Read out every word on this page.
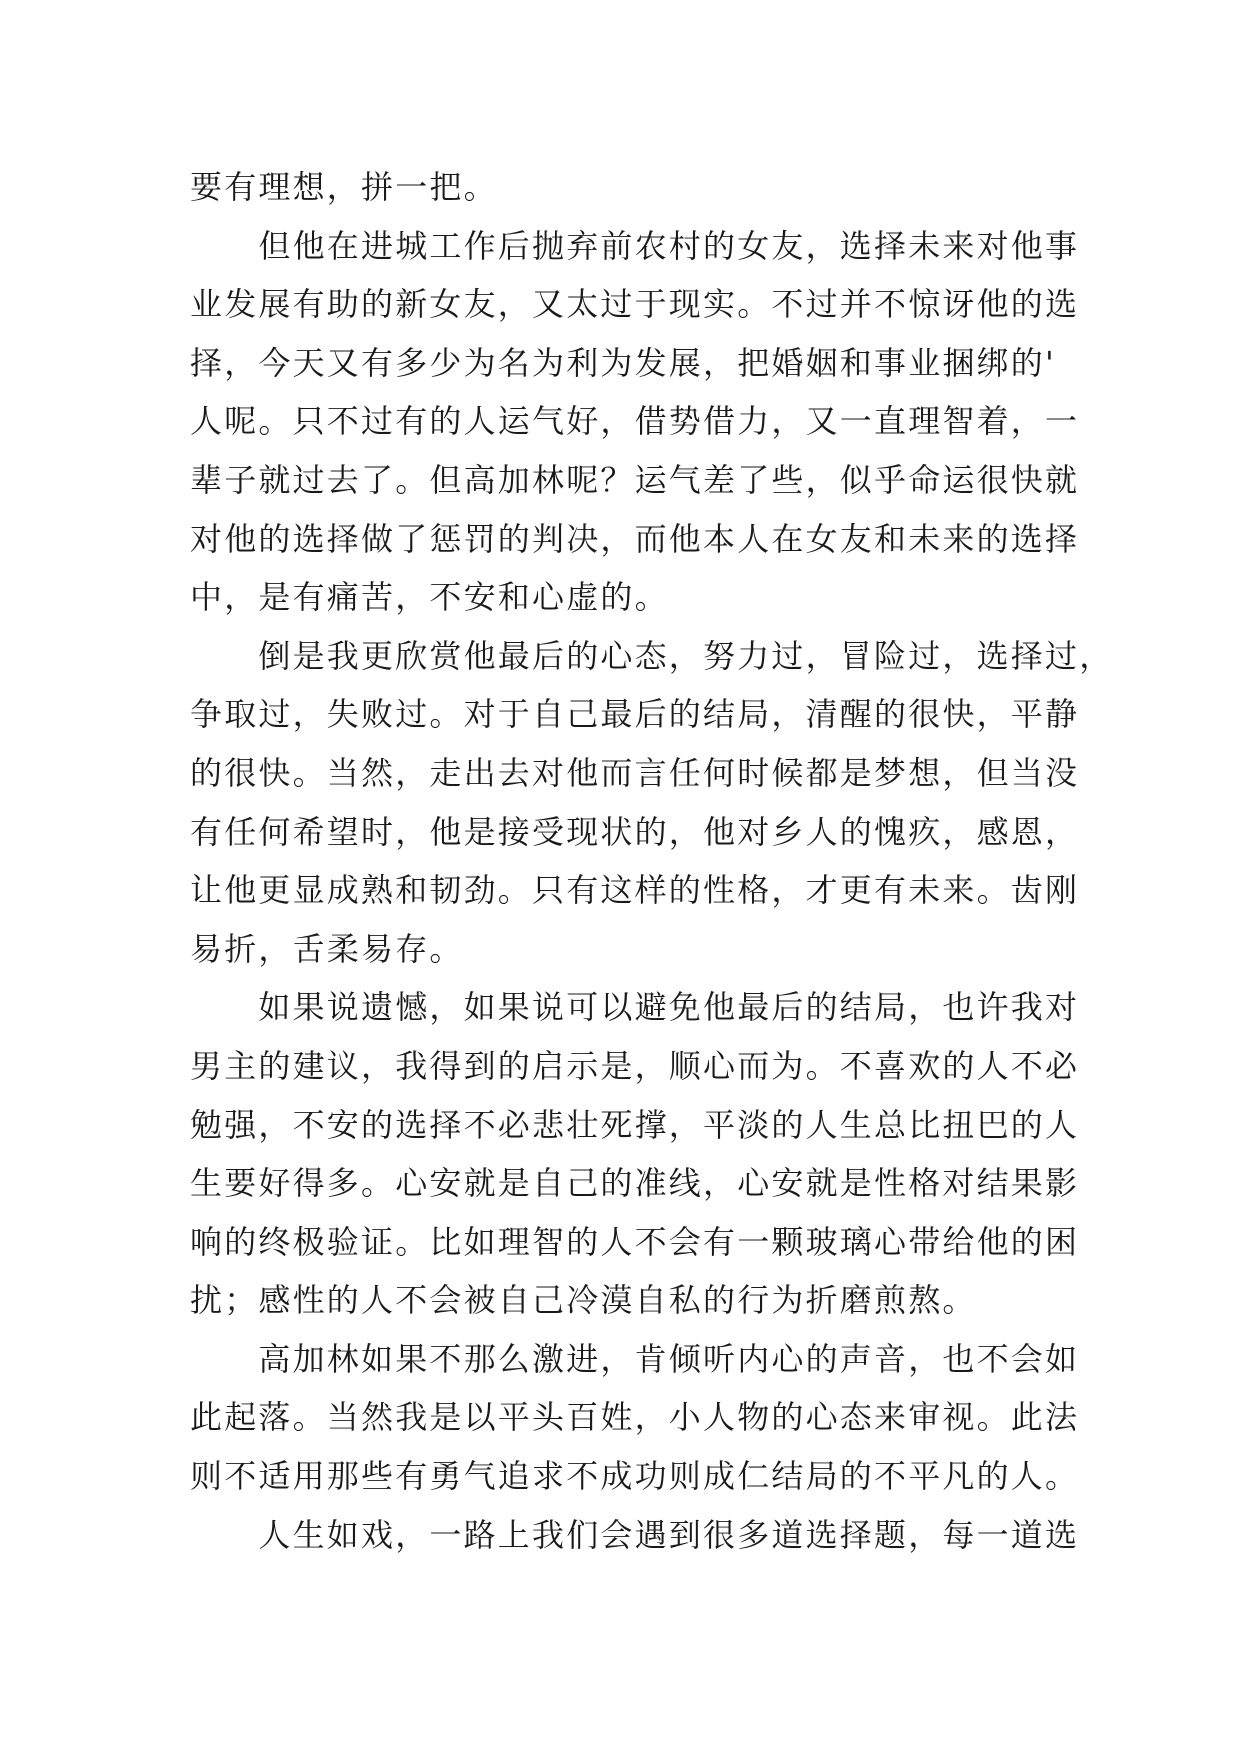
要有理想，拼一把。
　　但他在进城工作后抛弃前农村的女友，选择未来对他事
业发展有助的新女友，又太过于现实。不过并不惊讶他的选
择，今天又有多少为名为利为发展，把婚姻和事业捆绑的'
人呢。只不过有的人运气好，借势借力，又一直理智着，一
辈子就过去了。但高加林呢？运气差了些，似乎命运很快就
对他的选择做了惩罚的判决，而他本人在女友和未来的选择
中，是有痛苦，不安和心虚的。
　　倒是我更欣赏他最后的心态，努力过，冒险过，选择过，
争取过，失败过。对于自己最后的结局，清醒的很快，平静
的很快。当然，走出去对他而言任何时候都是梦想，但当没
有任何希望时，他是接受现状的，他对乡人的愧疚，感恩，
让他更显成熟和韧劲。只有这样的性格，才更有未来。齿刚
易折，舌柔易存。
　　如果说遗憾，如果说可以避免他最后的结局，也许我对
男主的建议，我得到的启示是，顺心而为。不喜欢的人不必
勉强，不安的选择不必悲壮死撑，平淡的人生总比扭巴的人
生要好得多。心安就是自己的准线，心安就是性格对结果影
响的终极验证。比如理智的人不会有一颗玻璃心带给他的困
扰；感性的人不会被自己冷漠自私的行为折磨煎熬。
　　高加林如果不那么激进，肯倾听内心的声音，也不会如
此起落。当然我是以平头百姓，小人物的心态来审视。此法
则不适用那些有勇气追求不成功则成仁结局的不平凡的人。
　　人生如戏，一路上我们会遇到很多道选择题，每一道选
